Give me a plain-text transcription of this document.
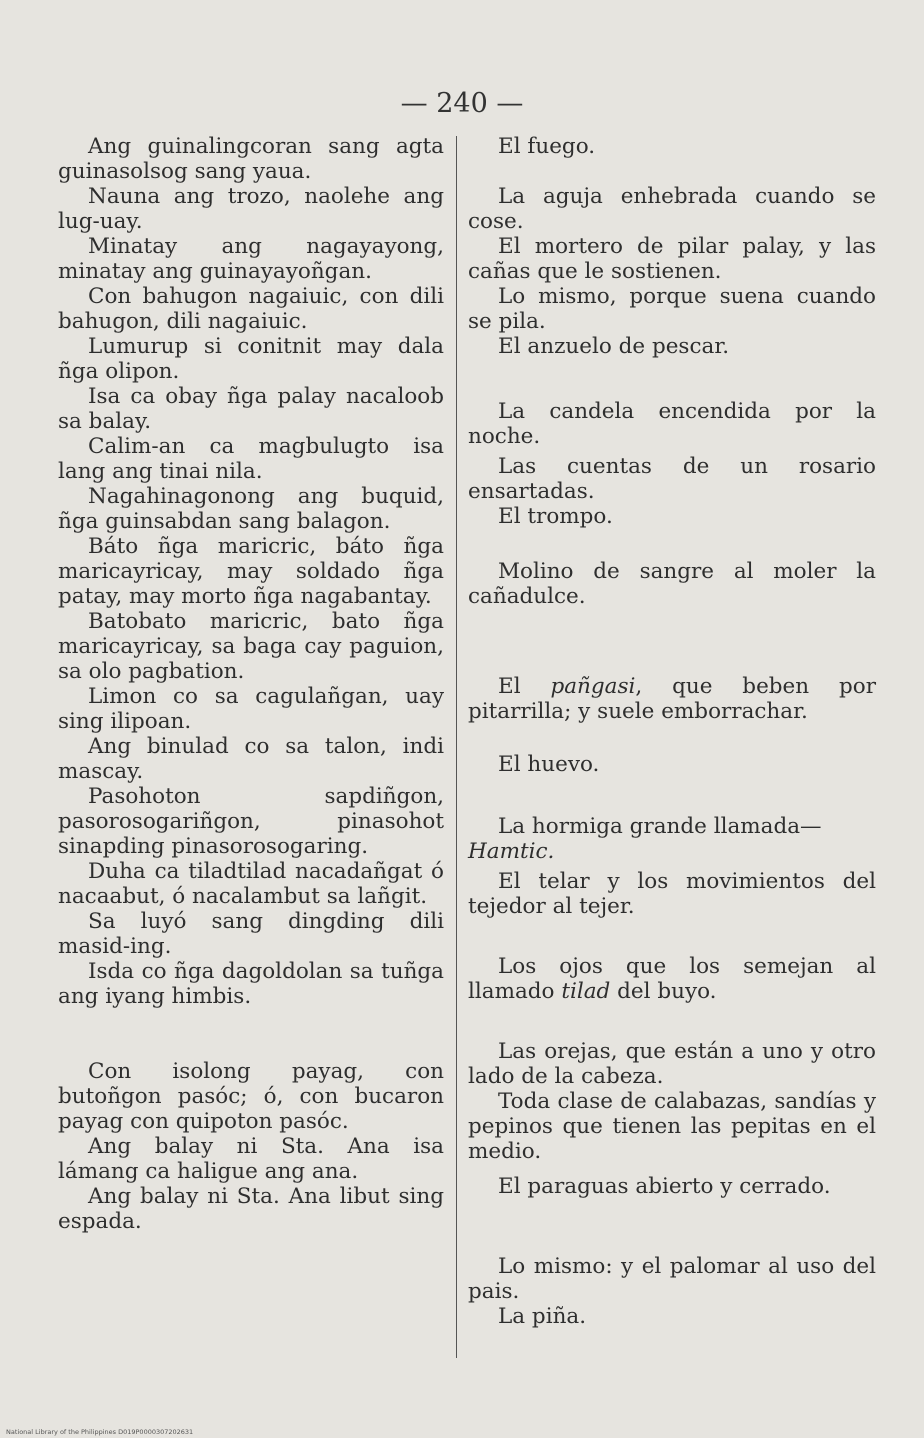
— 240 —

Ang guinalingcoran sang agta guinasolsog sang yaua.

Nauna ang trozo, naolehe ang lug-uay.

Minatay ang nagayayong, minatay ang guinayayoñgan.

Con bahugon nagaiuic, con dili bahugon, dili nagaiuic.

Lumurup si conitnit may dala ñga olipon.

Isa ca obay ñga palay nacaloob sa balay.

Calim-an ca magbulugto isa lang ang tinai nila.

Nagahinagonong ang buquid, ñga guinsabdan sang balagon.

Báto ñga maricric, báto ñga maricayricay, may soldado ñga patay, may morto ñga nagabantay.

Batobato maricric, bato ñga maricayricay, sa baga cay paguion, sa olo pagbation.

Limon co sa cagulañgan, uay sing ilipoan.

Ang binulad co sa talon, indi mascay.

Pasohoton sapdiñgon, pasorosogariñgon, pinasohot sinapding pinasorosogaring.

Duha ca tiladtilad nacadañgat ó nacaabut, ó nacalambut sa lañgit.

Sa luyó sang dingding dili masid-ing.

Isda co ñga dagoldolan sa tuñga ang iyang himbis.

Con isolong payag, con butoñgon pasóc; ó, con bucaron payag con quipoton pasóc.

Ang balay ni Sta. Ana isa lámang ca haligue ang ana.

Ang balay ni Sta. Ana libut sing espada.

El fuego.

La aguja enhebrada cuando se cose.

El mortero de pilar palay, y las cañas que le sostienen.

Lo mismo, porque suena cuando se pila.

El anzuelo de pescar.

La candela encendida por la noche.

Las cuentas de un rosario ensartadas.

El trompo.

Molino de sangre al moler la cañadulce.

El pañgasi, que beben por pitarrilla; y suele emborrachar.

El huevo.

La hormiga grande llamada—
Hamtic.

El telar y los movimientos del tejedor al tejer.

Los ojos que los semejan al llamado tilad del buyo.

Las orejas, que están a uno y otro lado de la cabeza.

Toda clase de calabazas, sandías y pepinos que tienen las pepitas en el medio.

El paraguas abierto y cerrado.

Lo mismo: y el palomar al uso del pais.

La piña.

National Library of the Philippines D019P0000307202631
